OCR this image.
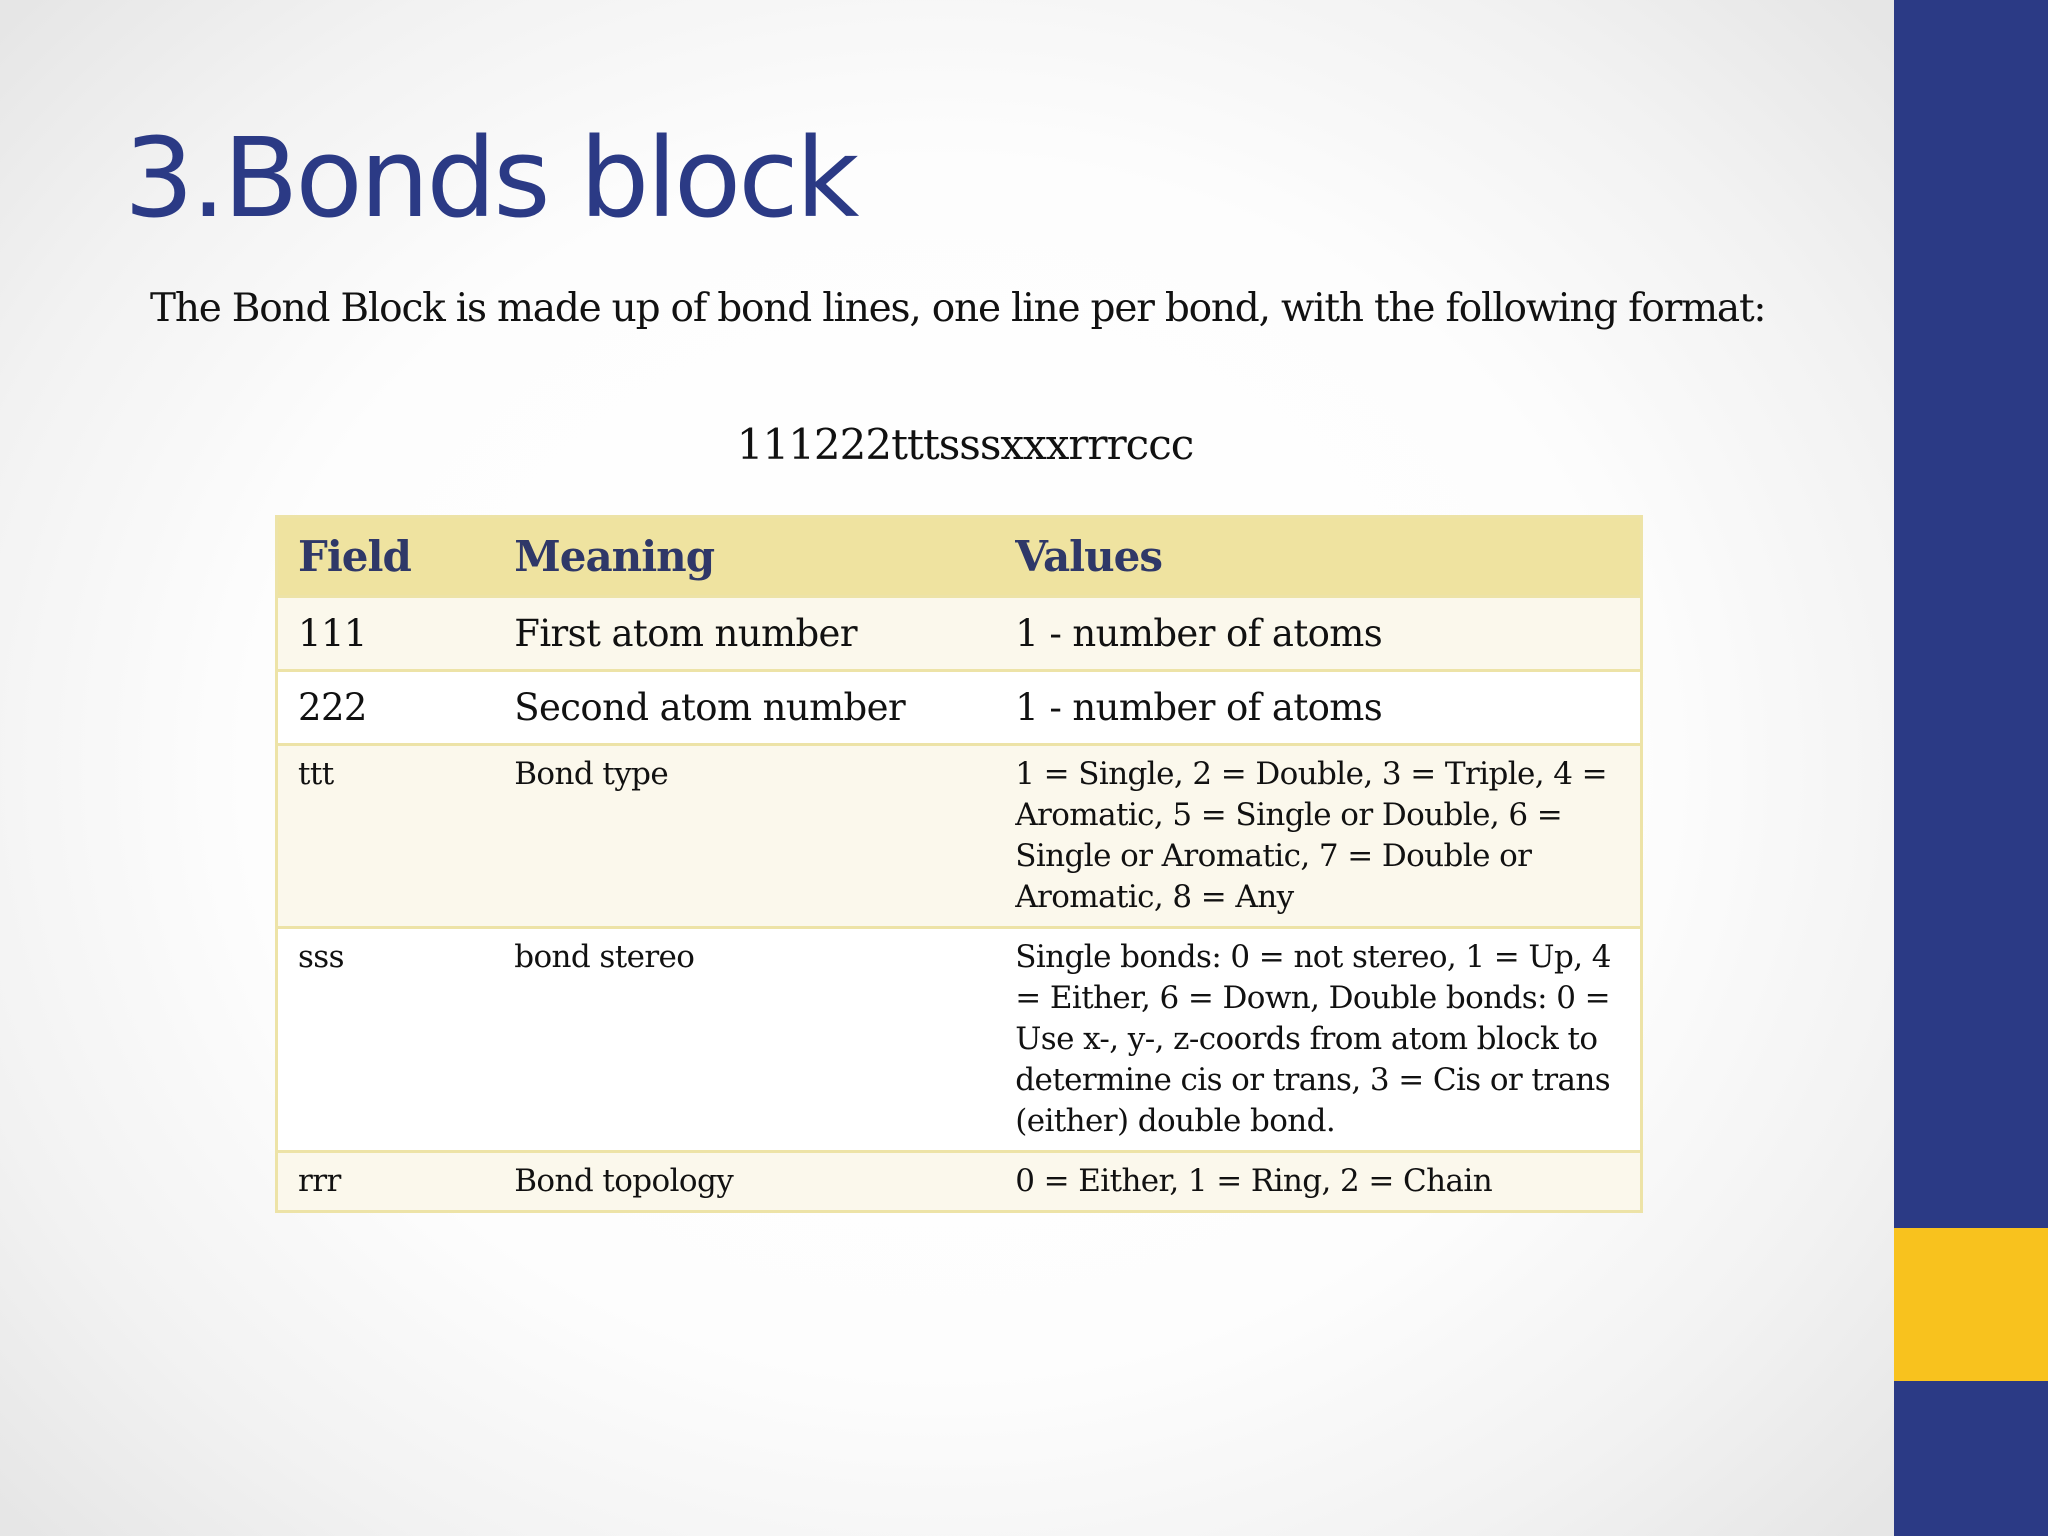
3.Bonds block

The Bond Block is made up of bond lines, one line per bond, with the following format:

111222tttsssxxxrrrccc

Field	Meaning	Values
111	First atom number	1 - number of atoms
222	Second atom number	1 - number of atoms
ttt	Bond type	1 = Single, 2 = Double, 3 = Triple, 4 = Aromatic, 5 = Single or Double, 6 = Single or Aromatic, 7 = Double or Aromatic, 8 = Any
sss	bond stereo	Single bonds: 0 = not stereo, 1 = Up, 4 = Either, 6 = Down, Double bonds: 0 = Use x-, y-, z-coords from atom block to determine cis or trans, 3 = Cis or trans (either) double bond.
rrr	Bond topology	0 = Either, 1 = Ring, 2 = Chain
